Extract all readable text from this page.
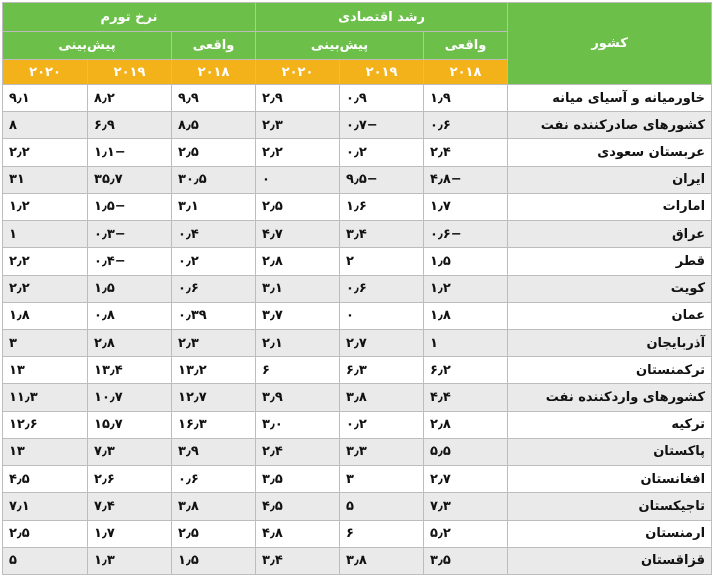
کشور	رشد اقتصادی			نرخ تورم		
	واقعی	پیش‌بینی		واقعی	پیش‌بینی	
	۲۰۱۸	۲۰۱۹	۲۰۲۰	۲۰۱۸	۲۰۱۹	۲۰۲۰
خاورمیانه و آسیای میانه	۱٫۹	۰٫۹	۲٫۹	۹٫۹	۸٫۲	۹٫۱
کشورهای صادرکننده نفت	۰٫۶	−۰٫۷	۲٫۳	۸٫۵	۶٫۹	۸
عربستان سعودی	۲٫۴	۰٫۲	۲٫۲	۲٫۵	−۱٫۱	۲٫۲
ایران	−۴٫۸	−۹٫۵	۰	۳۰٫۵	۳۵٫۷	۳۱
امارات	۱٫۷	۱٫۶	۲٫۵	۳٫۱	−۱٫۵	۱٫۲
عراق	−۰٫۶	۳٫۴	۴٫۷	۰٫۴	−۰٫۳	۱
قطر	۱٫۵	۲	۲٫۸	۰٫۲	−۰٫۴	۲٫۲
کویت	۱٫۲	۰٫۶	۳٫۱	۰٫۶	۱٫۵	۲٫۲
عمان	۱٫۸	۰	۳٫۷	۰٫۳۹	۰٫۸	۱٫۸
آذربایجان	۱	۲٫۷	۲٫۱	۲٫۳	۲٫۸	۳
ترکمنستان	۶٫۲	۶٫۳	۶	۱۳٫۲	۱۳٫۴	۱۳
کشورهای واردکننده نفت	۴٫۴	۳٫۸	۳٫۹	۱۲٫۷	۱۰٫۷	۱۱٫۳
ترکیه	۲٫۸	۰٫۲	۳٫۰	۱۶٫۳	۱۵٫۷	۱۲٫۶
پاکستان	۵٫۵	۳٫۳	۲٫۴	۳٫۹	۷٫۳	۱۳
افغانستان	۲٫۷	۳	۳٫۵	۰٫۶	۲٫۶	۴٫۵
تاجیکستان	۷٫۳	۵	۴٫۵	۳٫۸	۷٫۴	۷٫۱
ارمنستان	۵٫۲	۶	۴٫۸	۲٫۵	۱٫۷	۲٫۵
قزاقستان	۳٫۵	۳٫۸	۳٫۴	۱٫۵	۱٫۳	۵
